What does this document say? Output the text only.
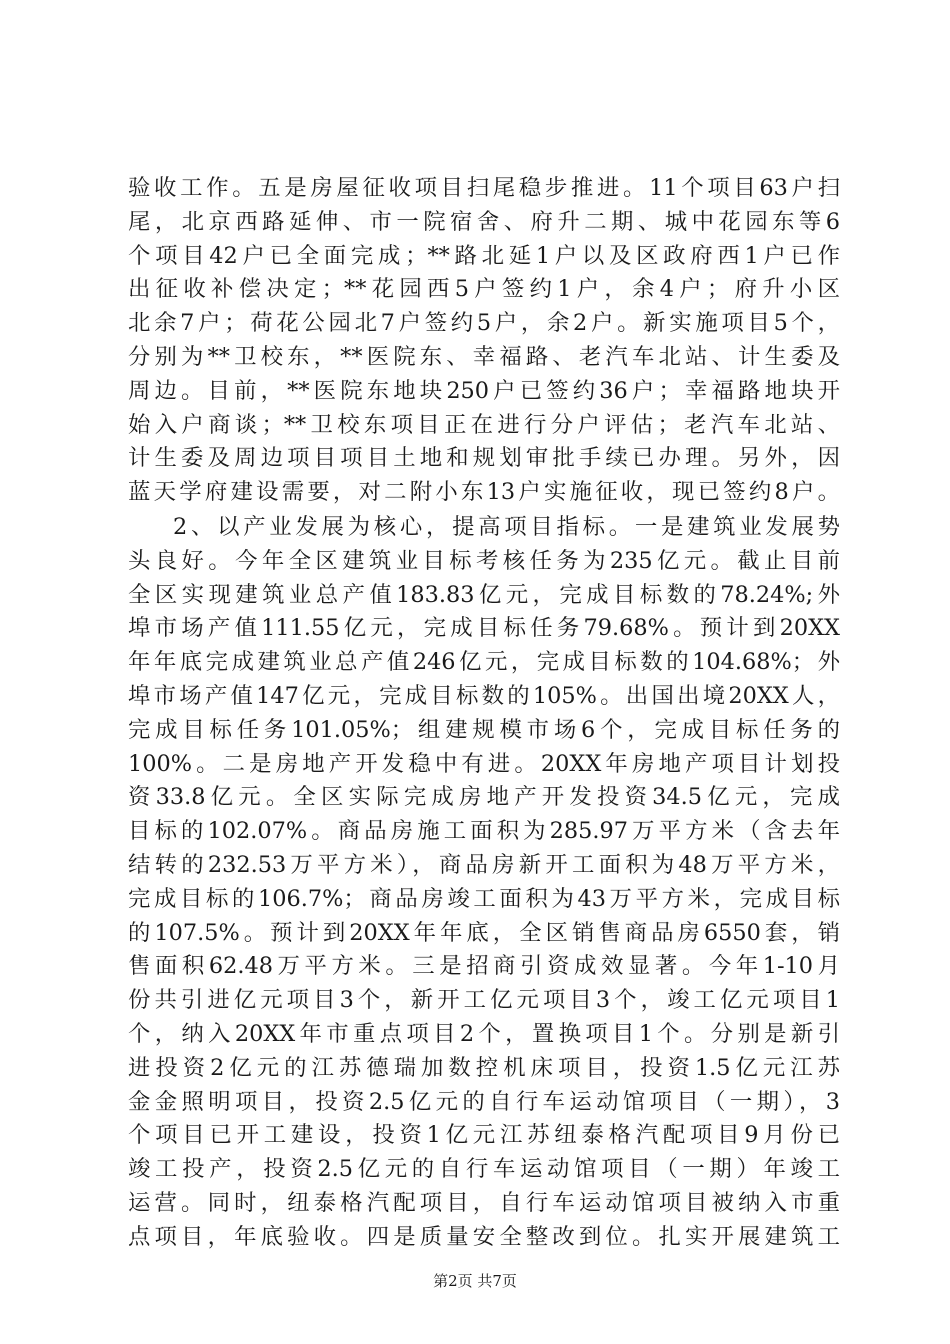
验收工作。五是房屋征收项目扫尾稳步推进。11个项目63户扫
尾，北京西路延伸、市一院宿舍、府升二期、城中花园东等6
个项目42户已全面完成；**路北延1户以及区政府西1户已作
出征收补偿决定；**花园西5户签约1户，余4户；府升小区
北余7户；荷花公园北7户签约5户，余2户。新实施项目5个，
分别为**卫校东，**医院东、幸福路、老汽车北站、计生委及
周边。目前，**医院东地块250户已签约36户；幸福路地块开
始入户商谈；**卫校东项目正在进行分户评估；老汽车北站、
计生委及周边项目项目土地和规划审批手续已办理。另外，因
蓝天学府建设需要，对二附小东13户实施征收，现已签约8户。
2、以产业发展为核心，提高项目指标。一是建筑业发展势
头良好。今年全区建筑业目标考核任务为235亿元。截止目前
全区实现建筑业总产值183.83亿元，完成目标数的78.24%;外
埠市场产值111.55亿元，完成目标任务79.68%。预计到20XX
年年底完成建筑业总产值246亿元，完成目标数的104.68%；外
埠市场产值147亿元，完成目标数的105%。出国出境20XX人，
完成目标任务101.05%；组建规模市场6个，完成目标任务的
100%。二是房地产开发稳中有进。20XX年房地产项目计划投
资33.8亿元。全区实际完成房地产开发投资34.5亿元，完成
目标的102.07%。商品房施工面积为285.97万平方米（含去年
结转的232.53万平方米），商品房新开工面积为48万平方米，
完成目标的106.7%；商品房竣工面积为43万平方米，完成目标
的107.5%。预计到20XX年年底，全区销售商品房6550套，销
售面积62.48万平方米。三是招商引资成效显著。今年1-10月
份共引进亿元项目3个，新开工亿元项目3个，竣工亿元项目1
个，纳入20XX年市重点项目2个，置换项目1个。分别是新引
进投资2亿元的江苏德瑞加数控机床项目，投资1.5亿元江苏
金金照明项目，投资2.5亿元的自行车运动馆项目（一期），3
个项目已开工建设，投资1亿元江苏纽泰格汽配项目9月份已
竣工投产，投资2.5亿元的自行车运动馆项目（一期）年竣工
运营。同时，纽泰格汽配项目，自行车运动馆项目被纳入市重
点项目，年底验收。四是质量安全整改到位。扎实开展建筑工
第2页 共7页
